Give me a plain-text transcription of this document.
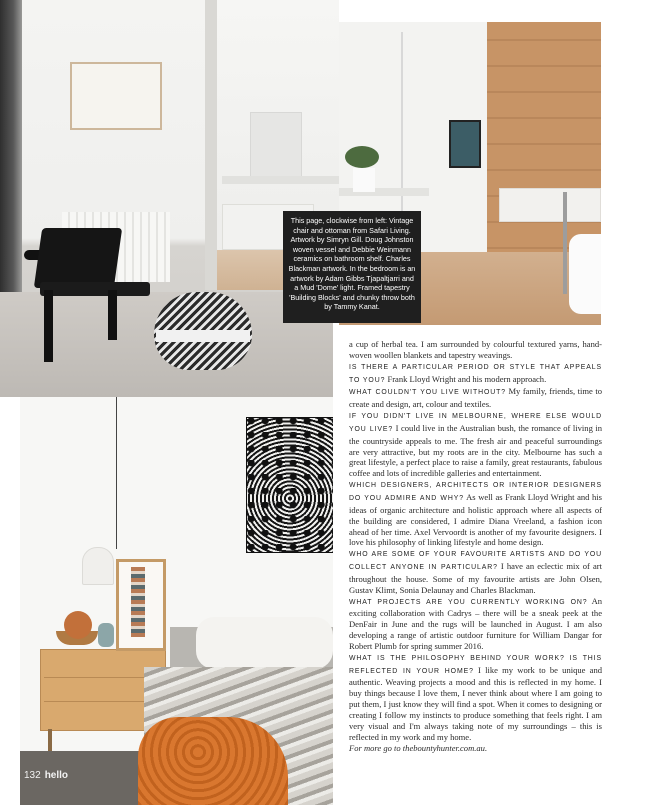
This page, clockwise from left: Vintage chair and ottoman from Safari Living. Artwork by Simryn Gill. Doug Johnston woven vessel and Debbie Weinmann ceramics on bathroom shelf. Charles Blackman artwork. In the bedroom is an artwork by Adam Gibbs Tjapaltjarri and a Mud 'Dome' light. Framed tapestry 'Building Blocks' and chunky throw both by Tammy Kanat.
132 hello

a cup of herbal tea. I am surrounded by colourful textured yarns, hand-woven woollen blankets and tapestry weavings.

IS THERE A PARTICULAR PERIOD OR STYLE THAT APPEALS TO YOU? Frank Lloyd Wright and his modern approach.

WHAT COULDN'T YOU LIVE WITHOUT? My family, friends, time to create and design, art, colour and textiles.

IF YOU DIDN'T LIVE IN MELBOURNE, WHERE ELSE WOULD YOU LIVE? I could live in the Australian bush, the romance of living in the countryside appeals to me. The fresh air and peaceful surroundings are very attractive, but my roots are in the city. Melbourne has such a great lifestyle, a perfect place to raise a family, great restaurants, fabulous coffee and lots of incredible galleries and entertainment.

WHICH DESIGNERS, ARCHITECTS OR INTERIOR DESIGNERS DO YOU ADMIRE AND WHY? As well as Frank Lloyd Wright and his ideas of organic architecture and holistic approach where all aspects of the building are considered, I admire Diana Vreeland, a fashion icon ahead of her time. Axel Vervoordt is another of my favourite designers. I love his philosophy of linking lifestyle and home design.

WHO ARE SOME OF YOUR FAVOURITE ARTISTS AND DO YOU COLLECT ANYONE IN PARTICULAR? I have an eclectic mix of art throughout the house. Some of my favourite artists are John Olsen, Gustav Klimt, Sonia Delaunay and Charles Blackman.

WHAT PROJECTS ARE YOU CURRENTLY WORKING ON? An exciting collaboration with Cadrys – there will be a sneak peek at the DenFair in June and the rugs will be launched in August. I am also developing a range of artistic outdoor furniture for William Dangar for Robert Plumb for spring summer 2016.

WHAT IS THE PHILOSOPHY BEHIND YOUR WORK? IS THIS REFLECTED IN YOUR HOME? I like my work to be unique and authentic. Weaving projects a mood and this is reflected in my home. I buy things because I love them, I never think about where I am going to put them, I just know they will find a spot. When it comes to designing or creating I follow my instincts to produce something that feels right. I am very visual and I'm always taking note of my surroundings – this is reflected in my work and my home.

For more go to thebountyhunter.com.au.
